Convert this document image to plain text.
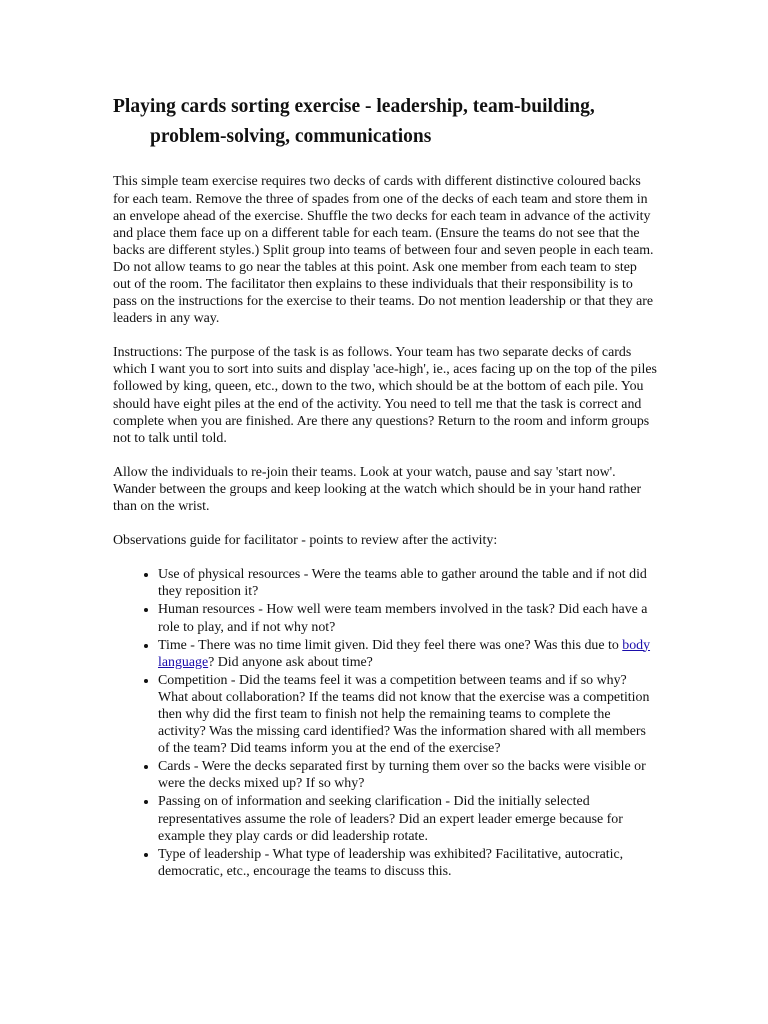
Playing cards sorting exercise - leadership, team-building, problem-solving, communications

This simple team exercise requires two decks of cards with different distinctive coloured backs for each team. Remove the three of spades from one of the decks of each team and store them in an envelope ahead of the exercise. Shuffle the two decks for each team in advance of the activity and place them face up on a different table for each team. (Ensure the teams do not see that the backs are different styles.) Split group into teams of between four and seven people in each team. Do not allow teams to go near the tables at this point. Ask one member from each team to step out of the room. The facilitator then explains to these individuals that their responsibility is to pass on the instructions for the exercise to their teams. Do not mention leadership or that they are leaders in any way.

Instructions: The purpose of the task is as follows. Your team has two separate decks of cards which I want you to sort into suits and display 'ace-high', ie., aces facing up on the top of the piles followed by king, queen, etc., down to the two, which should be at the bottom of each pile. You should have eight piles at the end of the activity. You need to tell me that the task is correct and complete when you are finished. Are there any questions? Return to the room and inform groups not to talk until told.

Allow the individuals to re-join their teams. Look at your watch, pause and say 'start now'. Wander between the groups and keep looking at the watch which should be in your hand rather than on the wrist.

Observations guide for facilitator - points to review after the activity:

• Use of physical resources - Were the teams able to gather around the table and if not did they reposition it?
• Human resources - How well were team members involved in the task? Did each have a role to play, and if not why not?
• Time - There was no time limit given. Did they feel there was one? Was this due to body language? Did anyone ask about time?
• Competition - Did the teams feel it was a competition between teams and if so why? What about collaboration? If the teams did not know that the exercise was a competition then why did the first team to finish not help the remaining teams to complete the activity? Was the missing card identified? Was the information shared with all members of the team? Did teams inform you at the end of the exercise?
• Cards - Were the decks separated first by turning them over so the backs were visible or were the decks mixed up? If so why?
• Passing on of information and seeking clarification - Did the initially selected representatives assume the role of leaders? Did an expert leader emerge because for example they play cards or did leadership rotate.
• Type of leadership - What type of leadership was exhibited? Facilitative, autocratic, democratic, etc., encourage the teams to discuss this.
